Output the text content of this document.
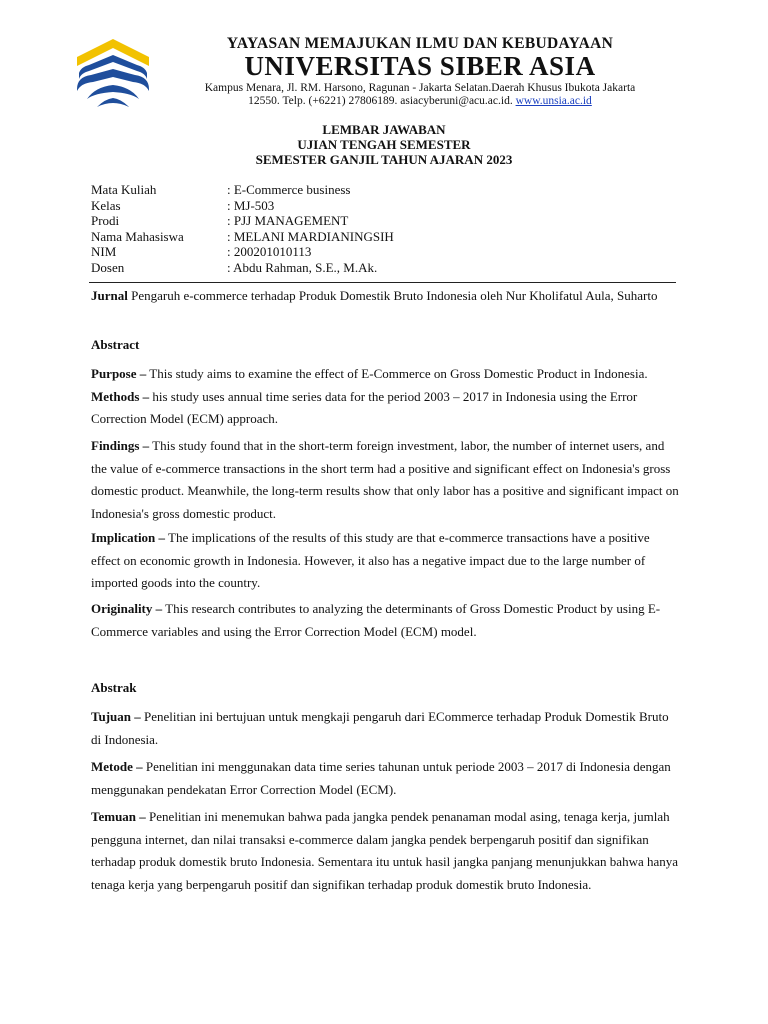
YAYASAN MEMAJUKAN ILMU DAN KEBUDAYAAN
UNIVERSITAS SIBER ASIA
Kampus Menara, Jl. RM. Harsono, Ragunan - Jakarta Selatan.Daerah Khusus Ibukota Jakarta
12550. Telp. (+6221) 27806189. asiacyberuni@acu.ac.id. www.unsia.ac.id
LEMBAR JAWABAN
UJIAN TENGAH SEMESTER
SEMESTER GANJIL TAHUN AJARAN 2023
Mata Kuliah	: E-Commerce business
Kelas	: MJ-503
Prodi	: PJJ MANAGEMENT
Nama Mahasiswa	: MELANI MARDIANINGSIH
NIM	: 200201010113
Dosen	: Abdu Rahman, S.E., M.Ak.
Jurnal Pengaruh e-commerce terhadap Produk Domestik Bruto Indonesia oleh Nur Kholifatul Aula, Suharto
Abstract
Purpose – This study aims to examine the effect of E-Commerce on Gross Domestic Product in Indonesia. Methods – his study uses annual time series data for the period 2003 – 2017 in Indonesia using the Error Correction Model (ECM) approach.
Findings – This study found that in the short-term foreign investment, labor, the number of internet users, and the value of e-commerce transactions in the short term had a positive and significant effect on Indonesia's gross domestic product. Meanwhile, the long-term results show that only labor has a positive and significant impact on Indonesia's gross domestic product.
Implication – The implications of the results of this study are that e-commerce transactions have a positive effect on economic growth in Indonesia. However, it also has a negative impact due to the large number of imported goods into the country.
Originality – This research contributes to analyzing the determinants of Gross Domestic Product by using E-Commerce variables and using the Error Correction Model (ECM) model.
Abstrak
Tujuan – Penelitian ini bertujuan untuk mengkaji pengaruh dari ECommerce terhadap Produk Domestik Bruto di Indonesia.
Metode – Penelitian ini menggunakan data time series tahunan untuk periode 2003 – 2017 di Indonesia dengan menggunakan pendekatan Error Correction Model (ECM).
Temuan – Penelitian ini menemukan bahwa pada jangka pendek penanaman modal asing, tenaga kerja, jumlah pengguna internet, dan nilai transaksi e-commerce dalam jangka pendek berpengaruh positif dan signifikan terhadap produk domestik bruto Indonesia. Sementara itu untuk hasil jangka panjang menunjukkan bahwa hanya tenaga kerja yang berpengaruh positif dan signifikan terhadap produk domestik bruto Indonesia.
